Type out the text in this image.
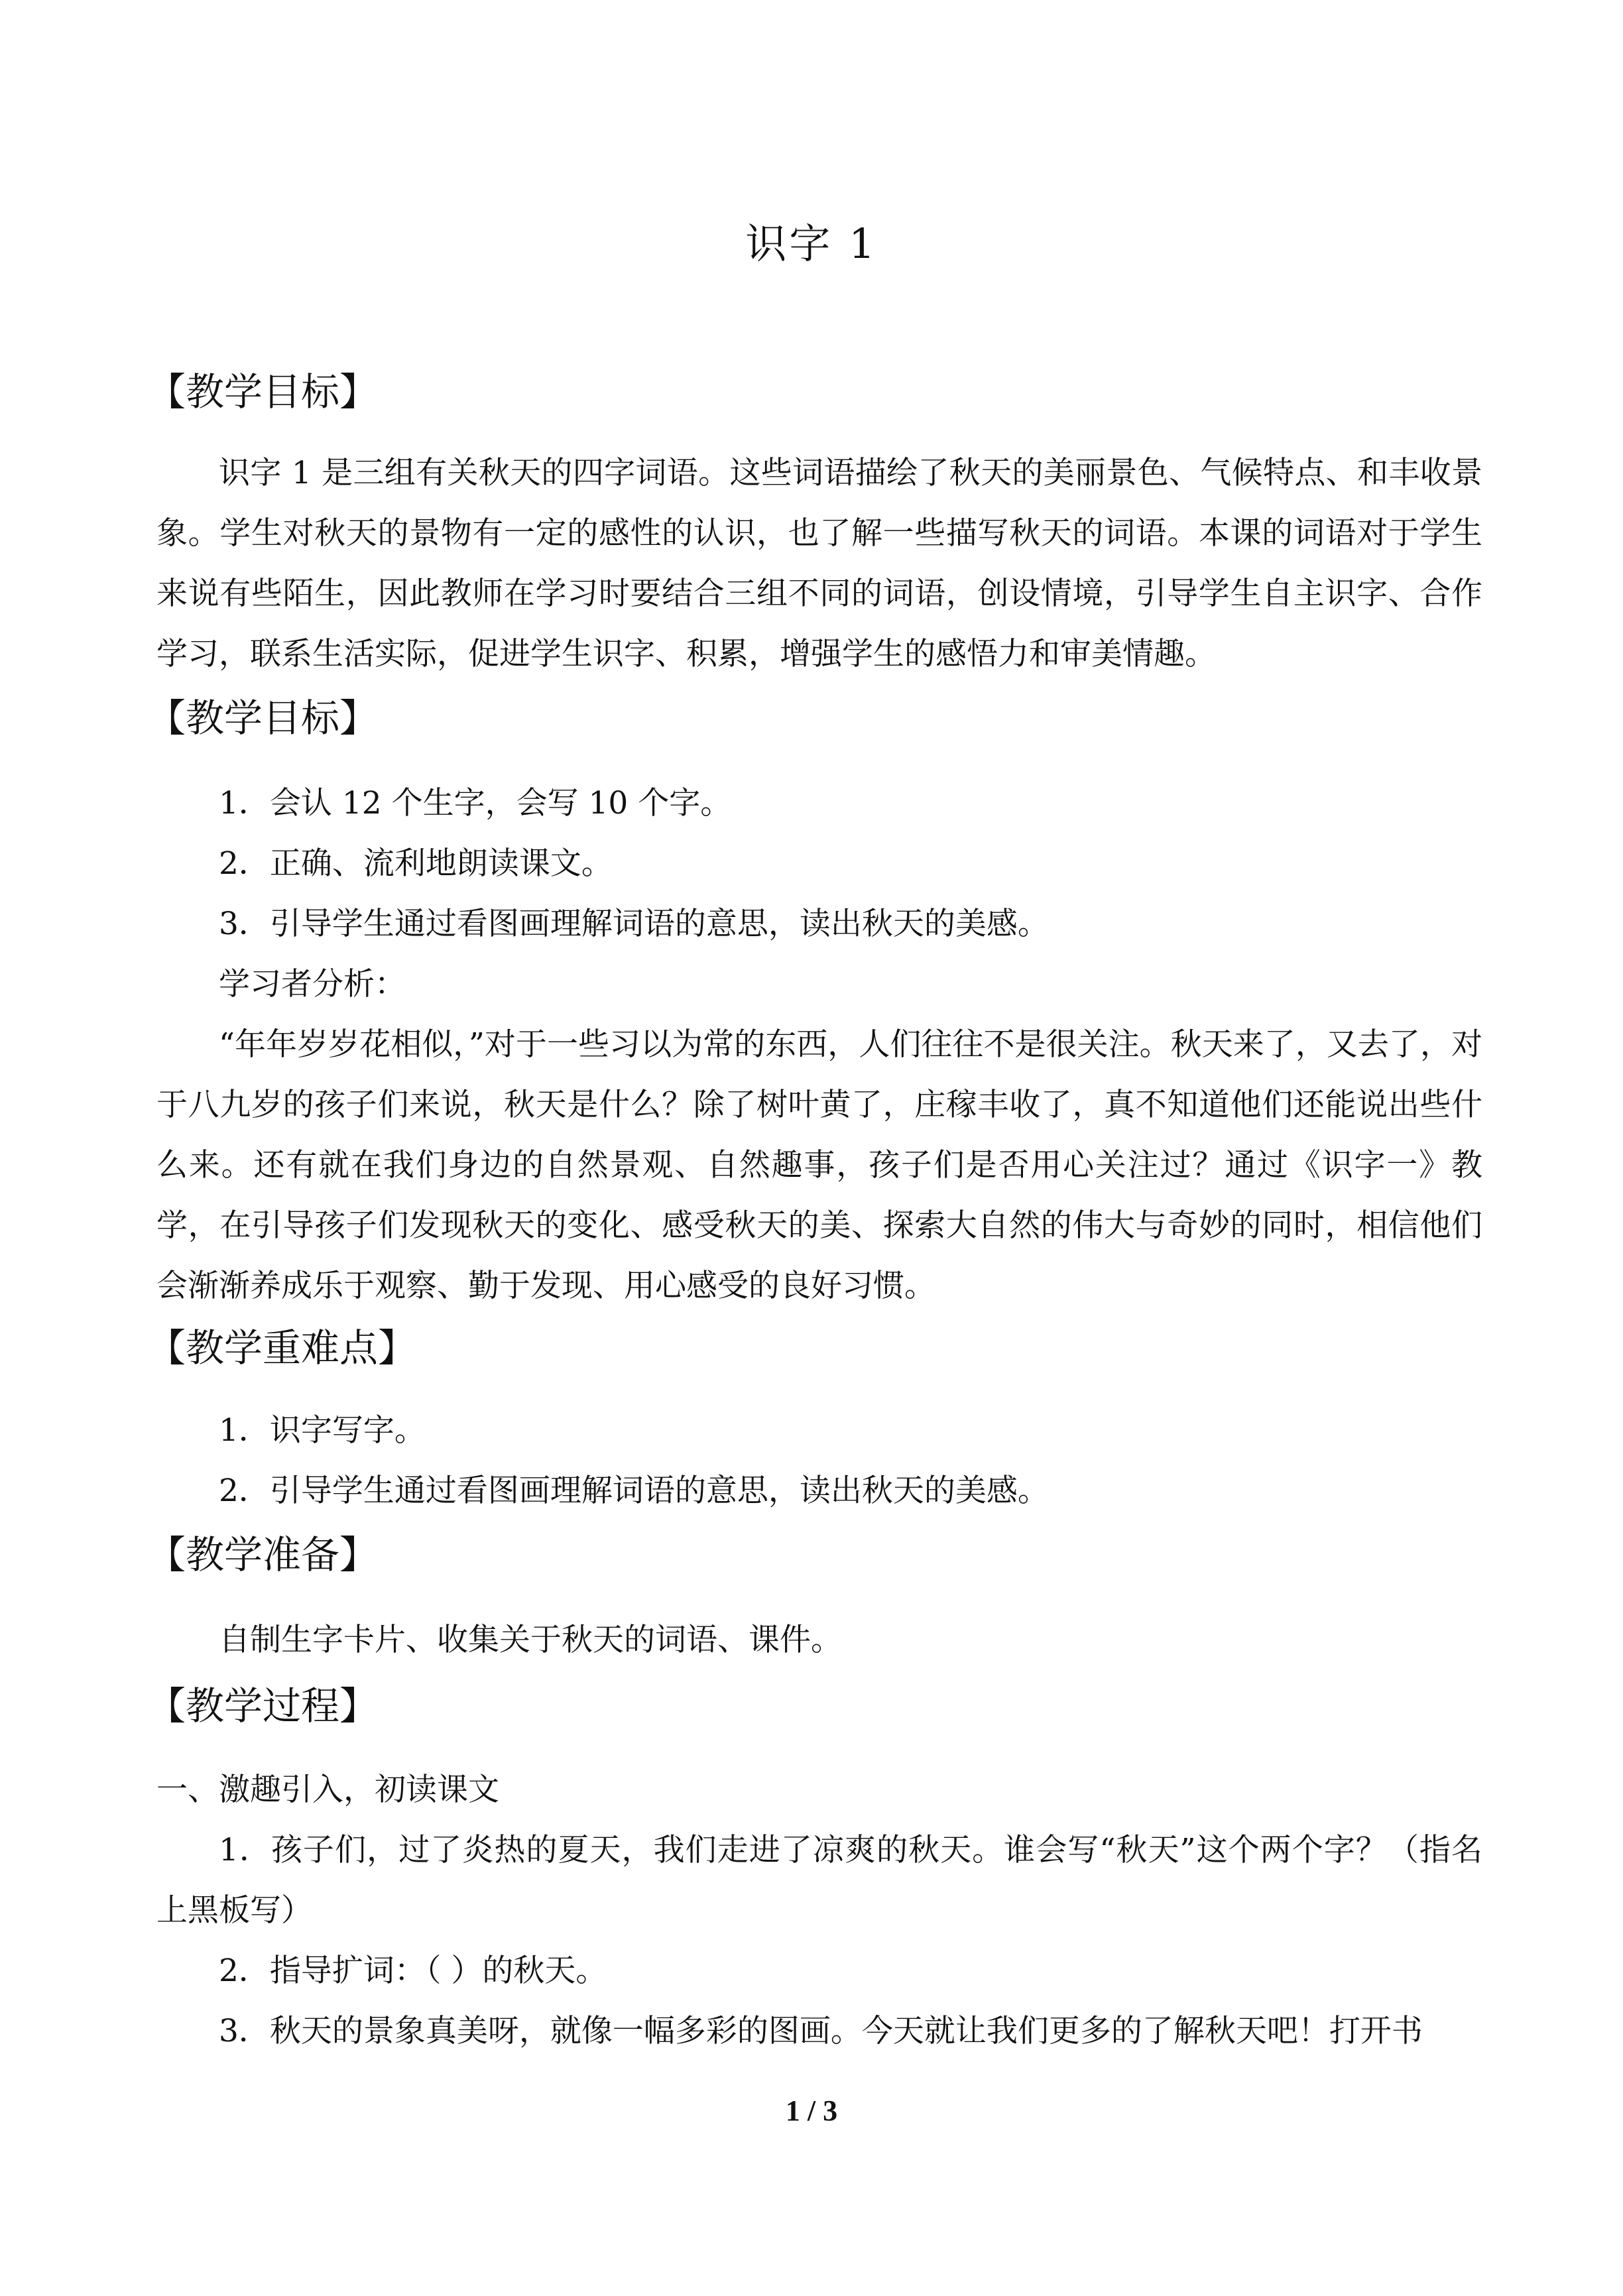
识字 1
【教学目标】
识字 1 是三组有关秋天的四字词语。这些词语描绘了秋天的美丽景色、气候特点、和丰收景象。学生对秋天的景物有一定的感性的认识，也了解一些描写秋天的词语。本课的词语对于学生来说有些陌生，因此教师在学习时要结合三组不同的词语，创设情境，引导学生自主识字、合作学习，联系生活实际，促进学生识字、积累，增强学生的感悟力和审美情趣。
【教学目标】
1．会认 12 个生字，会写 10 个字。
2．正确、流利地朗读课文。
3．引导学生通过看图画理解词语的意思，读出秋天的美感。
学习者分析：
“年年岁岁花相似，”对于一些习以为常的东西，人们往往不是很关注。秋天来了，又去了，对于八九岁的孩子们来说，秋天是什么？除了树叶黄了，庄稼丰收了，真不知道他们还能说出些什么来。还有就在我们身边的自然景观、自然趣事，孩子们是否用心关注过？通过《识字一》教学，在引导孩子们发现秋天的变化、感受秋天的美、探索大自然的伟大与奇妙的同时，相信他们会渐渐养成乐于观察、勤于发现、用心感受的良好习惯。
【教学重难点】
1．识字写字。
2．引导学生通过看图画理解词语的意思，读出秋天的美感。
【教学准备】
自制生字卡片、收集关于秋天的词语、课件。
【教学过程】
一、激趣引入，初读课文
1．孩子们，过了炎热的夏天，我们走进了凉爽的秋天。谁会写“秋天”这个两个字？（指名上黑板写）
2．指导扩词：（ ）的秋天。
3．秋天的景象真美呀，就像一幅多彩的图画。今天就让我们更多的了解秋天吧！打开书
1 / 3
